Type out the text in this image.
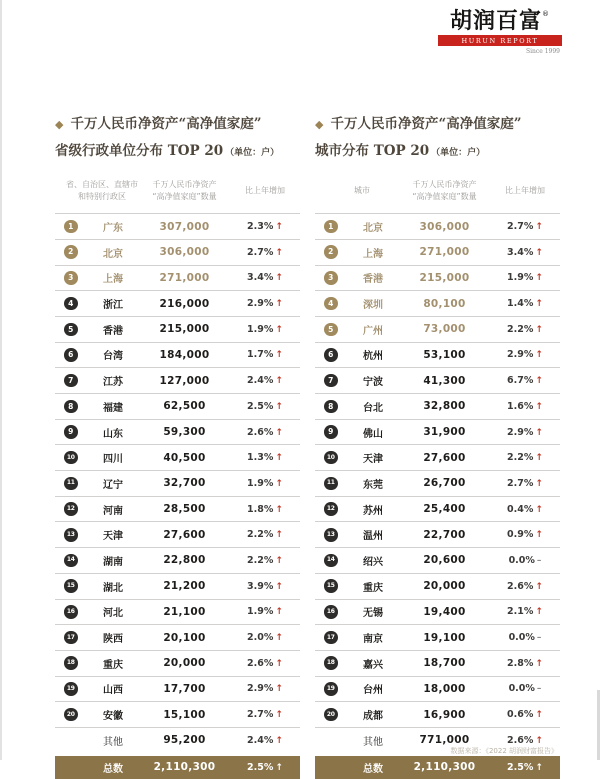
胡润百富®
HURUN REPORT
Since 1999
◆ 千万人民币净资产“高净值家庭”
省级行政单位分布 TOP 20 （单位：户）
省、自治区、直辖市
和特别行政区
千万人民币净资产
“高净值家庭”数量
比上年增加
1	广东	307,000	2.3% ↑
2	北京	306,000	2.7% ↑
3	上海	271,000	3.4% ↑
4	浙江	216,000	2.9% ↑
5	香港	215,000	1.9% ↑
6	台湾	184,000	1.7% ↑
7	江苏	127,000	2.4% ↑
8	福建	62,500	2.5% ↑
9	山东	59,300	2.6% ↑
10	四川	40,500	1.3% ↑
11	辽宁	32,700	1.9% ↑
12	河南	28,500	1.8% ↑
13	天津	27,600	2.2% ↑
14	湖南	22,800	2.2% ↑
15	湖北	21,200	3.9% ↑
16	河北	21,100	1.9% ↑
17	陕西	20,100	2.0% ↑
18	重庆	20,000	2.6% ↑
19	山西	17,700	2.9% ↑
20	安徽	15,100	2.7% ↑
其他	95,200	2.4% ↑
总数	2,110,300	2.5% ↑
◆ 千万人民币净资产“高净值家庭”
城市分布 TOP 20 （单位：户）
城市
千万人民币净资产
“高净值家庭”数量
比上年增加
1	北京	306,000	2.7% ↑
2	上海	271,000	3.4% ↑
3	香港	215,000	1.9% ↑
4	深圳	80,100	1.4% ↑
5	广州	73,000	2.2% ↑
6	杭州	53,100	2.9% ↑
7	宁波	41,300	6.7% ↑
8	台北	32,800	1.6% ↑
9	佛山	31,900	2.9% ↑
10	天津	27,600	2.2% ↑
11	东莞	26,700	2.7% ↑
12	苏州	25,400	0.4% ↑
13	温州	22,700	0.9% ↑
14	绍兴	20,600	0.0% –
15	重庆	20,000	2.6% ↑
16	无锡	19,400	2.1% ↑
17	南京	19,100	0.0% –
18	嘉兴	18,700	2.8% ↑
19	台州	18,000	0.0% –
20	成都	16,900	0.6% ↑
其他	771,000	2.6% ↑
总数	2,110,300	2.5% ↑
数据来源：《2022 胡润财富报告》
